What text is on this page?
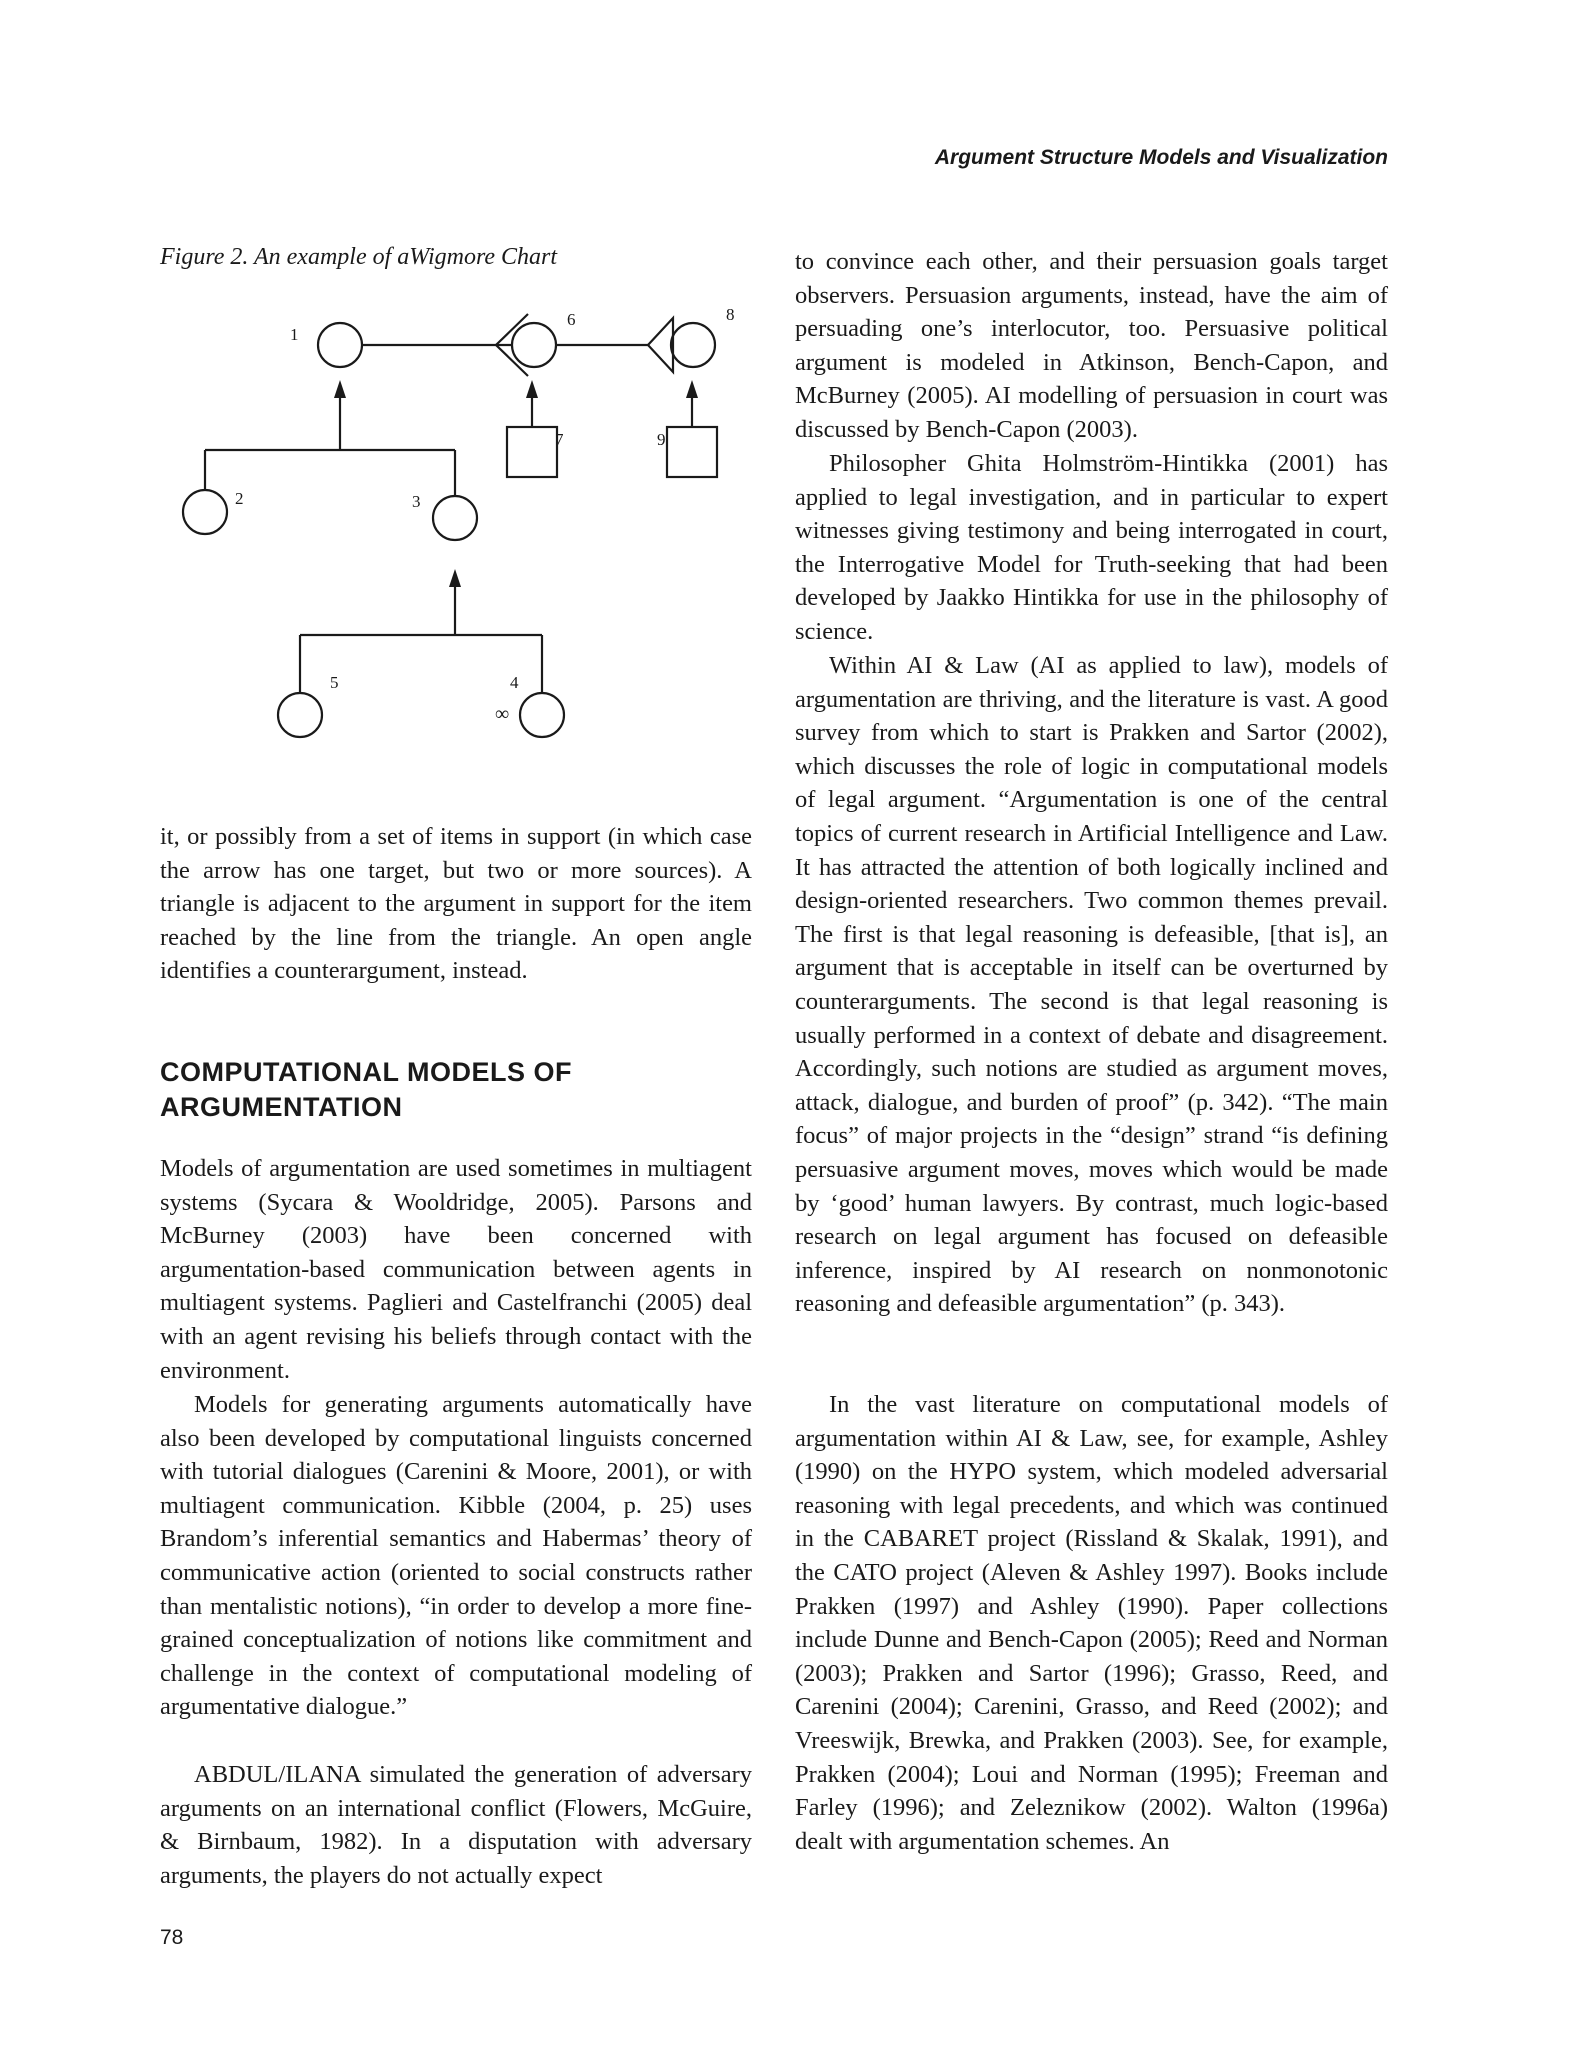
Argument Structure Models and Visualization
Figure 2. An example of aWigmore Chart
1
6	8
7	9
2	3
5	4
∞

it, or possibly from a set of items in support (in which case the arrow has one target, but two or more sources). A triangle is adjacent to the argument in support for the item reached by the line from the triangle. An open angle identifies a counterargument, instead.

Models of argumentation are used sometimes in multiagent systems (Sycara & Wooldridge, 2005). Parsons and McBurney (2003) have been concerned with argumentation-based communication between agents in multiagent systems. Paglieri and Castelfranchi (2005) deal with an agent revising his beliefs through contact with the environment.

Models for generating arguments automatically have also been developed by computational linguists concerned with tutorial dialogues (Carenini & Moore, 2001), or with multiagent communication. Kibble (2004, p. 25) uses Brandom’s inferential semantics and Habermas’ theory of communicative action (oriented to social constructs rather than mentalistic notions), “in order to develop a more fine-grained conceptualization of notions like commitment and challenge in the context of computational modeling of argumentative dialogue.”

ABDUL/ILANA simulated the generation of adversary arguments on an international conflict (Flowers, McGuire, & Birnbaum, 1982). In a disputation with adversary arguments, the players do not actually expect

COMPUTATIONAL MODELS OF ARGUMENTATION

to convince each other, and their persuasion goals target observers. Persuasion arguments, instead, have the aim of persuading one’s interlocutor, too. Persuasive political argument is modeled in Atkinson, Bench-Capon, and McBurney (2005). AI modelling of persuasion in court was discussed by Bench-Capon (2003).

Philosopher Ghita Holmström-Hintikka (2001) has applied to legal investigation, and in particular to expert witnesses giving testimony and being interrogated in court, the Interrogative Model for Truth-seeking that had been developed by Jaakko Hintikka for use in the philosophy of science.

Within AI & Law (AI as applied to law), models of argumentation are thriving, and the literature is vast. A good survey from which to start is Prakken and Sartor (2002), which discusses the role of logic in computational models of legal argument. “Argumentation is one of the central topics of current research in Artificial Intelligence and Law. It has attracted the attention of both logically inclined and design-oriented researchers. Two common themes prevail. The first is that legal reasoning is defeasible, [that is], an argument that is acceptable in itself can be overturned by counterarguments. The second is that legal reasoning is usually performed in a context of debate and disagreement. Accordingly, such notions are studied as argument moves, attack, dialogue, and burden of proof” (p. 342). “The main focus” of major projects in the “design” strand “is defining persuasive argument moves, moves which would be made by ‘good’ human lawyers. By contrast, much logic-based research on legal argument has focused on defeasible inference, inspired by AI research on nonmonotonic reasoning and defeasible argumentation” (p. 343).

In the vast literature on computational models of argumentation within AI & Law, see, for example, Ashley (1990) on the HYPO system, which modeled adversarial reasoning with legal precedents, and which was continued in the CABARET project (Rissland & Skalak, 1991), and the CATO project (Aleven & Ashley 1997). Books include Prakken (1997) and Ashley (1990). Paper collections include Dunne and Bench-Capon (2005); Reed and Norman (2003); Prakken and Sartor (1996); Grasso, Reed, and Carenini (2004); Carenini, Grasso, and Reed (2002); and Vreeswijk, Brewka, and Prakken (2003). See, for example, Prakken (2004); Loui and Norman (1995); Freeman and Farley (1996); and Zeleznikow (2002). Walton (1996a) dealt with argumentation schemes. An

78
